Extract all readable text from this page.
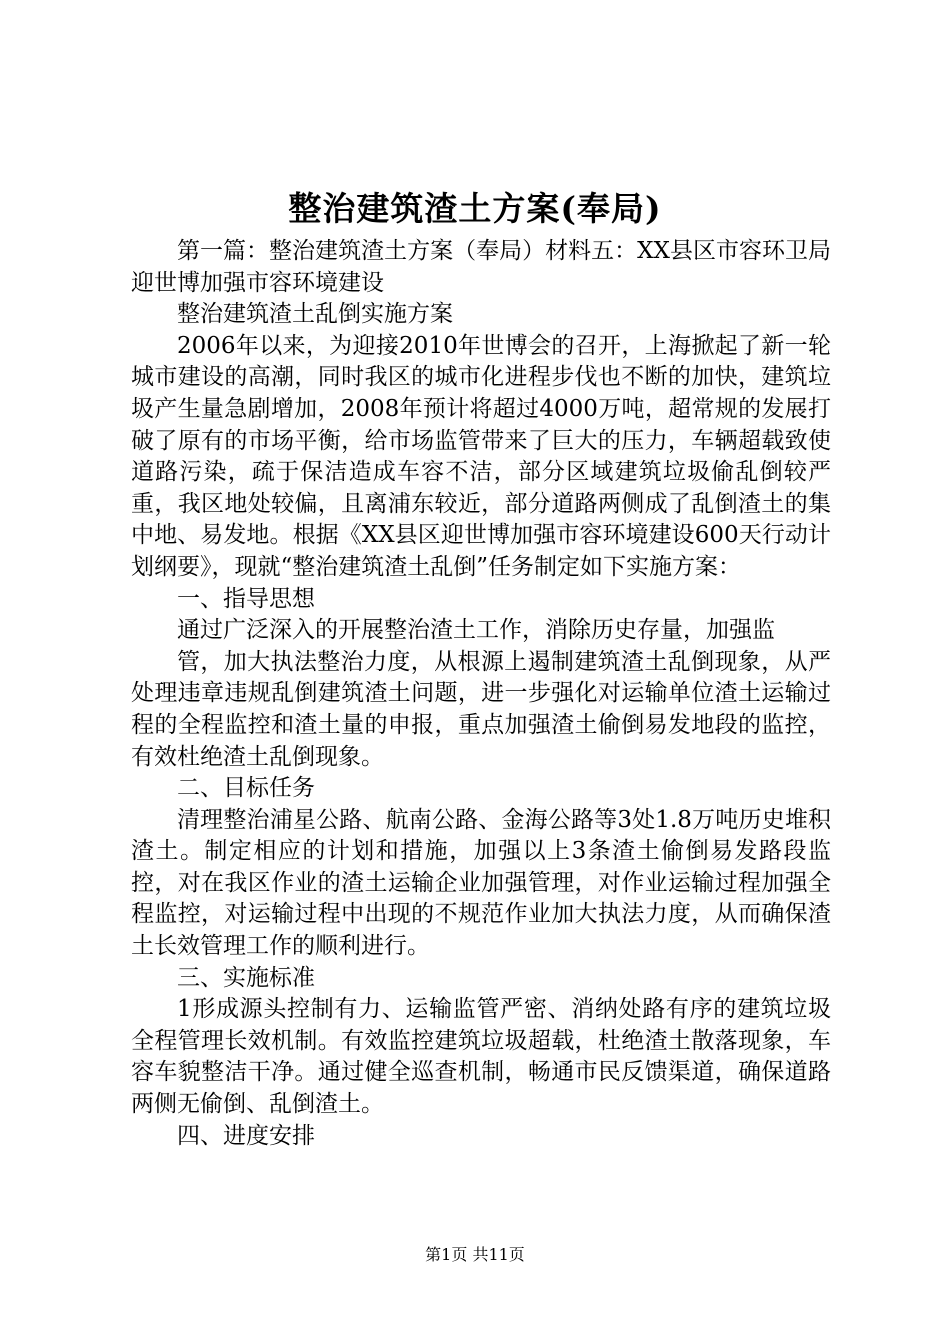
整治建筑渣土方案(奉局)

第一篇：整治建筑渣土方案（奉局）材料五：XX县区市容环卫局迎世博加强市容环境建设

整治建筑渣土乱倒实施方案

2006年以来，为迎接2010年世博会的召开，上海掀起了新一轮城市建设的高潮，同时我区的城市化进程步伐也不断的加快，建筑垃圾产生量急剧增加，2008年预计将超过4000万吨，超常规的发展打破了原有的市场平衡，给市场监管带来了巨大的压力，车辆超载致使道路污染，疏于保洁造成车容不洁，部分区域建筑垃圾偷乱倒较严重，我区地处较偏，且离浦东较近，部分道路两侧成了乱倒渣土的集中地、易发地。根据《XX县区迎世博加强市容环境建设600天行动计划纲要》，现就“整治建筑渣土乱倒”任务制定如下实施方案：

一、指导思想

通过广泛深入的开展整治渣土工作，消除历史存量，加强监

管，加大执法整治力度，从根源上遏制建筑渣土乱倒现象，从严处理违章违规乱倒建筑渣土问题，进一步强化对运输单位渣土运输过程的全程监控和渣土量的申报，重点加强渣土偷倒易发地段的监控，有效杜绝渣土乱倒现象。

二、目标任务

清理整治浦星公路、航南公路、金海公路等3处1.8万吨历史堆积渣土。制定相应的计划和措施，加强以上3条渣土偷倒易发路段监控，对在我区作业的渣土运输企业加强管理，对作业运输过程加强全程监控，对运输过程中出现的不规范作业加大执法力度，从而确保渣土长效管理工作的顺利进行。

三、实施标准

1形成源头控制有力、运输监管严密、消纳处路有序的建筑垃圾全程管理长效机制。有效监控建筑垃圾超载，杜绝渣土散落现象，车容车貌整洁干净。通过健全巡查机制，畅通市民反馈渠道，确保道路两侧无偷倒、乱倒渣土。

四、进度安排

第1页 共11页
